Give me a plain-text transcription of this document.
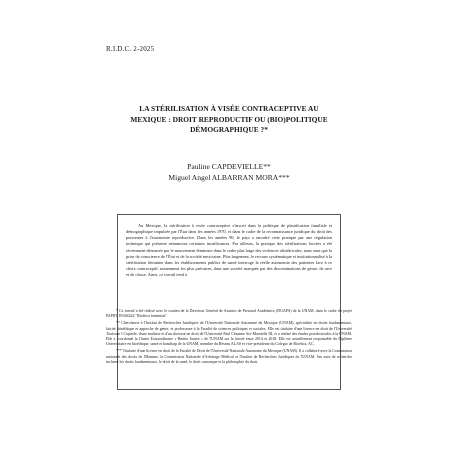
R.I.D.C. 2-2025
LA STÉRILISATION À VISÉE CONTRACEPTIVE AU
MEXIQUE : DROIT REPRODUCTIF OU (BIO)POLITIQUE
DÉMOGRAPHIQUE ?*
Pauline CAPDEVIELLE**
Miguel Angel ALBARRAN MORA***

Au Mexique, la stérilisation à visée contraceptive s'inscrit dans la politique de planification familiale et démographique impulsée par l'État dans les années 1970, et dans le cadre de la reconnaissance juridique du droit des personnes à l'autonomie reproductive. Dans les années 90, le pays a encadré cette pratique par une régulation technique qui présente néanmoins certaines insuffisances. Par ailleurs, la pratique des stérilisations forcées a été récemment dénoncée par le mouvement féministe dans le cadre plus large des violences obstétricales, mais sans que la prise de conscience de l'État et de la société mexicaine. Plus largement, le recours systématique et institutionnalisé à la stérilisation féminine dans les établissements publics de santé interroge la réelle autonomie des patientes face à ce choix contraceptif, notamment les plus précaires, dans une société marquée par des discriminations de genre, de race et de classe. Ainsi, ce travail tend à

* Ce travail a été réalisé avec le soutien de la Direction Général de Asuntos de Personal Académico (DGAPA) de la UNAM, dans le cadre du projet PAPIIT IN304224 "Bioética feminista".

** Chercheuse à l'Institut de Recherches Juridiques de l'Université Nationale Autonome du Mexique (UNAM), spécialiste en droits fondamentaux, laïcité, bioéthique et approche de genre, et professeure à la Faculté de sciences politiques et sociales. Elle est titulaire d'une licence en droit de l'Université Toulouse I Capitole, d'une maîtrise et d'un doctorat en droit de l'Université Paul Cézanne Aix-Marseille III, et a réalisé des études postdoctorales à la UNAM. Elle a coordonné la Chaire Extraordinaire « Benito Juárez » de l'UNAM sur la laïcité entre 2014 et 2018. Elle est actuellement responsable du Diplôme Universitaire en bioéthique, santé et handicap de la UNAM, membre du Réseau ALAS et vice-présidente du Colegio de Bioética, AC.

*** Titulaire d'une licence en droit de la Faculté de Droit de l'Université Nationale Autonome du Mexique (UNAM). Il a collaboré avec la Commission nationale des droits de l'Homme, la Commission Nationale d'Arbitrage Médical et l'Institut de Recherches Juridiques de l'UNAM. Ses axes de recherche incluent les droits fondamentaux, le droit de la santé, le droit canonique et la philosophie du droit.
